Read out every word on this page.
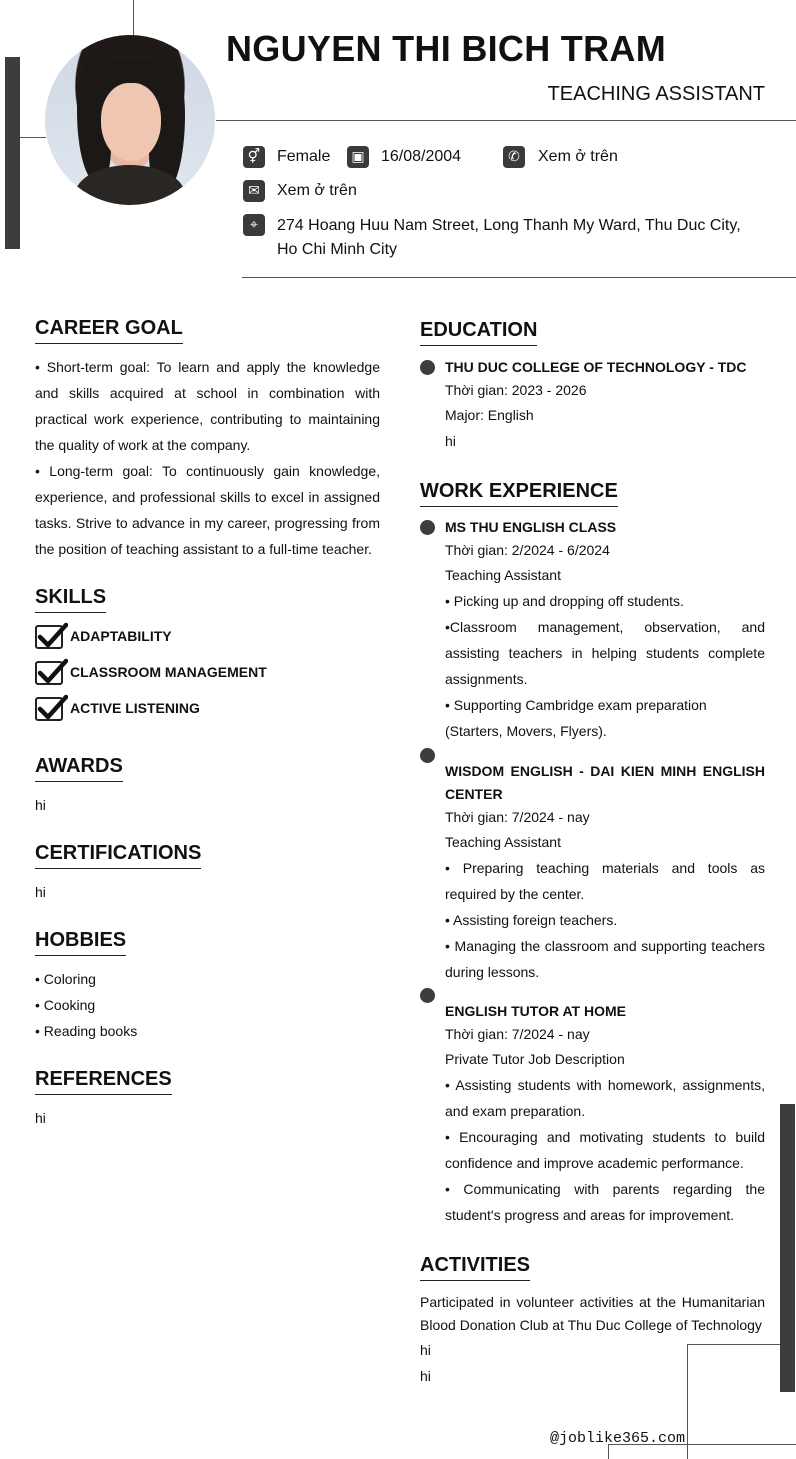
NGUYEN THI BICH TRAM
TEACHING ASSISTANT
⚥ Female	▣ 16/08/2004	✆	Xem ở trên
✉	Xem ở trên
⌖	274 Hoang Huu Nam Street, Long Thanh My Ward, Thu Duc City, Ho Chi Minh City
CAREER GOAL

• Short-term goal: To learn and apply the knowledge and skills acquired at school in combination with practical work experience, contributing to maintaining the quality of work at the company.

• Long-term goal: To continuously gain knowledge, experience, and professional skills to excel in assigned tasks. Strive to advance in my career, progressing from the position of teaching assistant to a full-time teacher.

SKILLS
ADAPTABILITY
CLASSROOM MANAGEMENT
ACTIVE LISTENING
AWARDS
hi
CERTIFICATIONS
hi
HOBBIES
• Coloring
• Cooking
• Reading books
REFERENCES
hi
EDUCATION
THU DUC COLLEGE OF TECHNOLOGY - TDC
Thời gian: 2023 - 2026
Major: English
hi
WORK EXPERIENCE
MS THU ENGLISH CLASS
Thời gian: 2/2024 - 6/2024
Teaching Assistant
• Picking up and dropping off students.
•Classroom management, observation, and assisting teachers in helping students complete assignments.
• Supporting Cambridge exam preparation (Starters, Movers, Flyers).
WISDOM ENGLISH - DAI KIEN MINH ENGLISH CENTER
Thời gian: 7/2024 - nay
Teaching Assistant
• Preparing teaching materials and tools as required by the center.
• Assisting foreign teachers.
• Managing the classroom and supporting teachers during lessons.
ENGLISH TUTOR AT HOME
Thời gian: 7/2024 - nay
Private Tutor Job Description
• Assisting students with homework, assignments, and exam preparation.
• Encouraging and motivating students to build confidence and improve academic performance.
• Communicating with parents regarding the student's progress and areas for improvement.
ACTIVITIES
Participated in volunteer activities at the Humanitarian Blood Donation Club at Thu Duc College of Technology
hi
hi
@joblike365.com
